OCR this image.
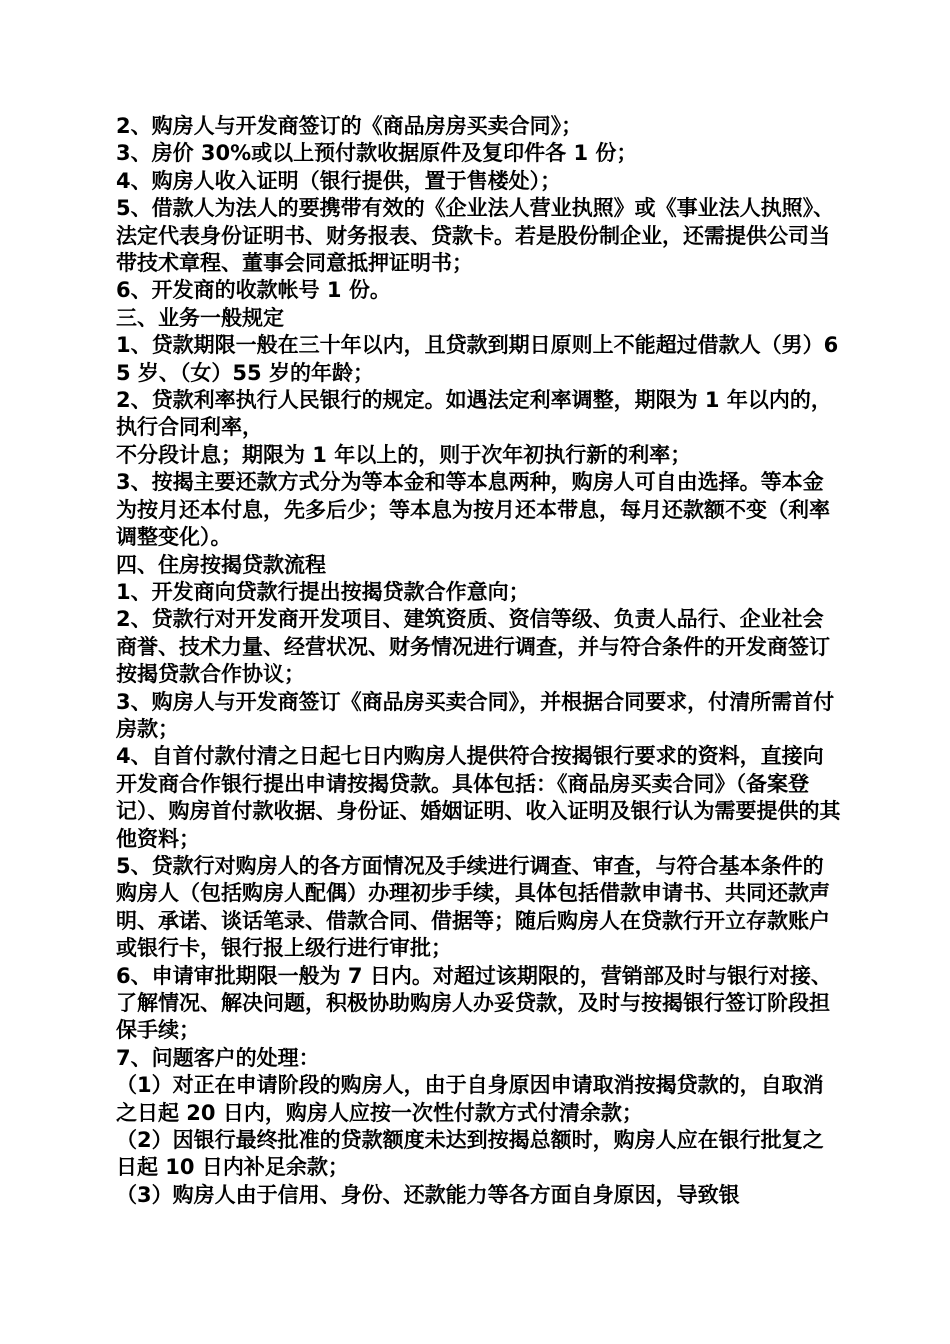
2、购房人与开发商签订的《商品房房买卖合同》；

3、房价 30%或以上预付款收据原件及复印件各 1 份；

4、购房人收入证明（银行提供，置于售楼处）；

5、借款人为法人的要携带有效的《企业法人营业执照》或《事业法人执照》、法定代表身份证明书、财务报表、贷款卡。若是股份制企业，还需提供公司当带技术章程、董事会同意抵押证明书；

6、开发商的收款帐号 1 份。

三、业务一般规定

1、贷款期限一般在三十年以内，且贷款到期日原则上不能超过借款人（男）65 岁、（女）55 岁的年龄；

2、贷款利率执行人民银行的规定。如遇法定利率调整，期限为 1 年以内的，执行合同利率，

不分段计息；期限为 1 年以上的，则于次年初执行新的利率；

3、按揭主要还款方式分为等本金和等本息两种，购房人可自由选择。等本金为按月还本付息，先多后少；等本息为按月还本带息，每月还款额不变（利率调整变化）。

四、住房按揭贷款流程

1、开发商向贷款行提出按揭贷款合作意向；

2、贷款行对开发商开发项目、建筑资质、资信等级、负责人品行、企业社会商誉、技术力量、经营状况、财务情况进行调查，并与符合条件的开发商签订按揭贷款合作协议；

3、购房人与开发商签订《商品房买卖合同》，并根据合同要求，付清所需首付房款；

4、自首付款付清之日起七日内购房人提供符合按揭银行要求的资料，直接向开发商合作银行提出申请按揭贷款。具体包括：《商品房买卖合同》（备案登记）、购房首付款收据、身份证、婚姻证明、收入证明及银行认为需要提供的其他资料；

5、贷款行对购房人的各方面情况及手续进行调查、审查，与符合基本条件的购房人（包括购房人配偶）办理初步手续，具体包括借款申请书、共同还款声明、承诺、谈话笔录、借款合同、借据等；随后购房人在贷款行开立存款账户或银行卡，银行报上级行进行审批；

6、申请审批期限一般为 7 日内。对超过该期限的，营销部及时与银行对接、了解情况、解决问题，积极协助购房人办妥贷款，及时与按揭银行签订阶段担保手续；

7、问题客户的处理：

（1）对正在申请阶段的购房人，由于自身原因申请取消按揭贷款的，自取消之日起 20 日内，购房人应按一次性付款方式付清余款；

（2）因银行最终批准的贷款额度未达到按揭总额时，购房人应在银行批复之日起 10 日内补足余款；

（3）购房人由于信用、身份、还款能力等各方面自身原因，导致银
